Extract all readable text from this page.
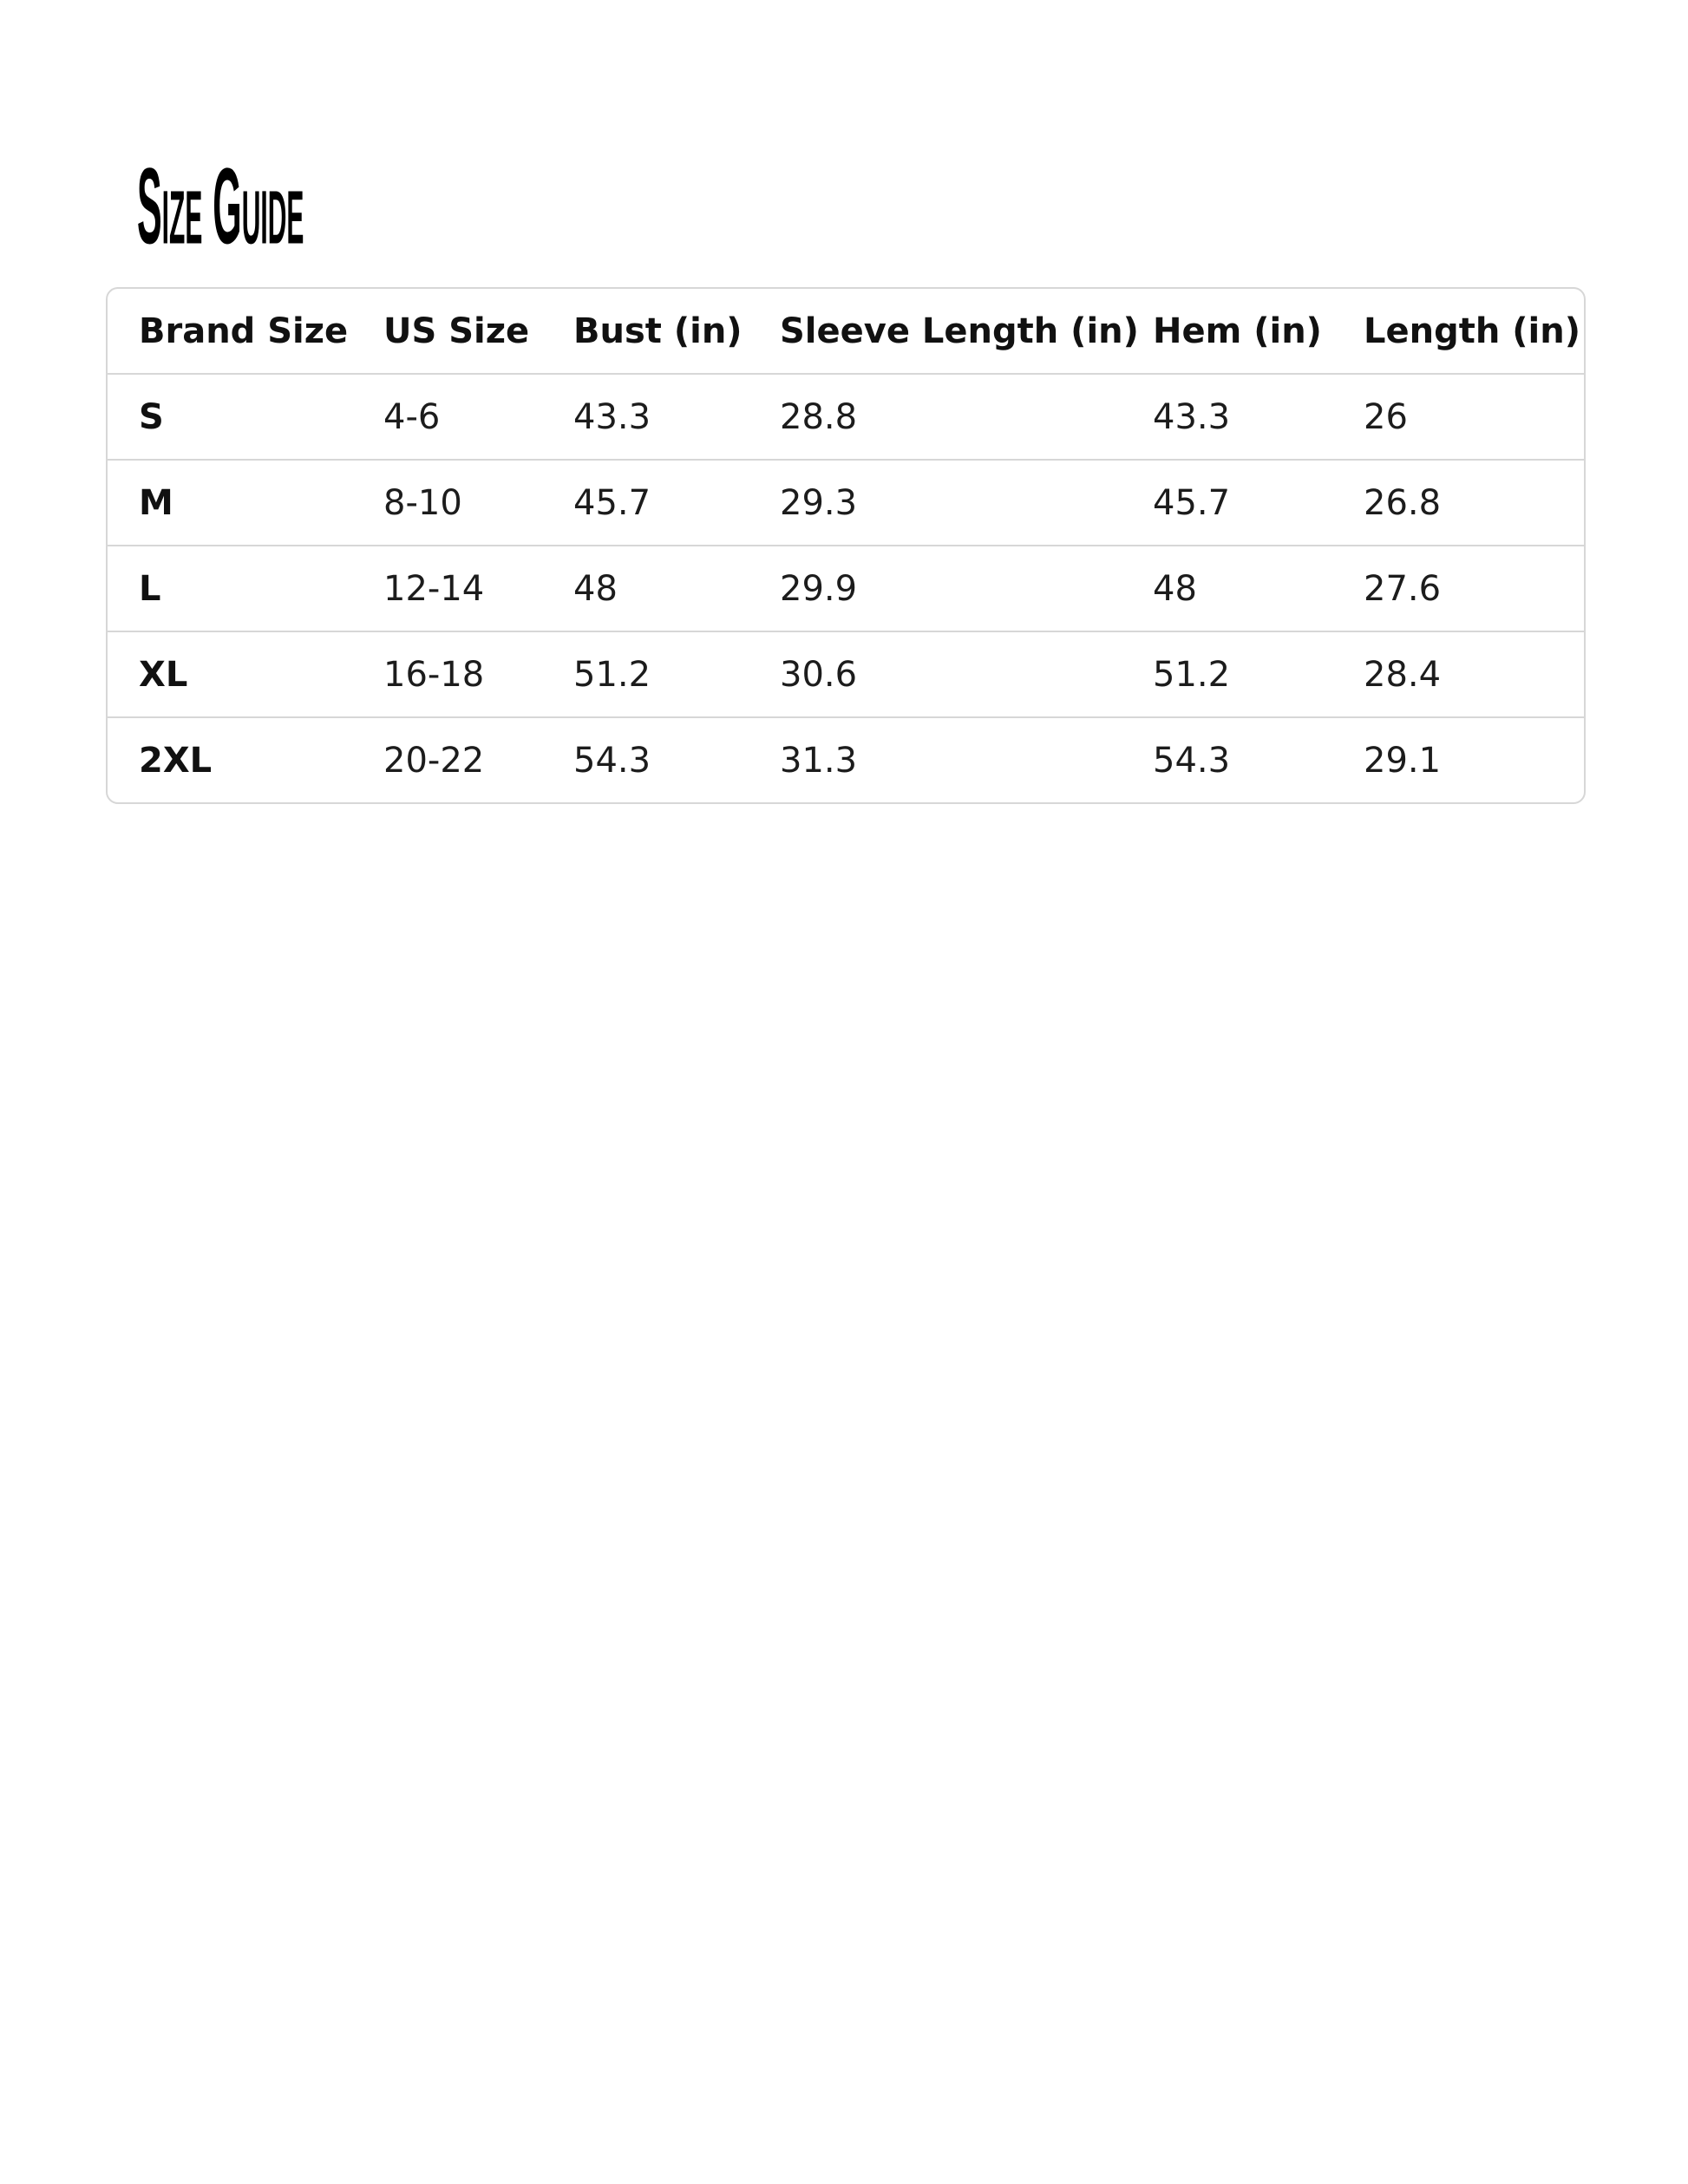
Size Guide
Brand Size	US Size	Bust (in)	Sleeve Length (in)	Hem (in)	Length (in)
S	4-6	43.3	28.8	43.3	26
M	8-10	45.7	29.3	45.7	26.8
L	12-14	48	29.9	48	27.6
XL	16-18	51.2	30.6	51.2	28.4
2XL	20-22	54.3	31.3	54.3	29.1
